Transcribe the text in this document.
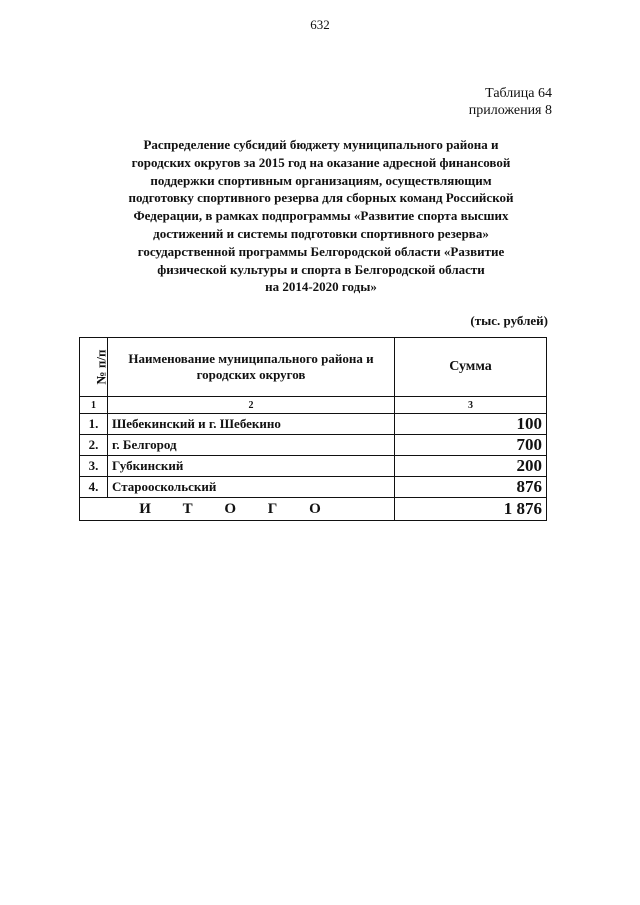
632
Таблица 64
приложения 8
Распределение субсидий бюджету муниципального района и
городских округов за 2015 год на оказание адресной финансовой
поддержки спортивным организациям, осуществляющим
подготовку спортивного резерва для сборных команд Российской
Федерации, в рамках подпрограммы «Развитие спорта высших
достижений и системы подготовки спортивного резерва»
государственной программы Белгородской области «Развитие
физической культуры и спорта в Белгородской области
на 2014-2020 годы»
(тыс. рублей)
№ п/п	Наименование муниципального района и городских округов	Сумма
1	2	3
1.	Шебекинский и г. Шебекино	100
2.	г. Белгород	700
3.	Губкинский	200
4.	Старооскольский	876
И Т О Г О		1 876
